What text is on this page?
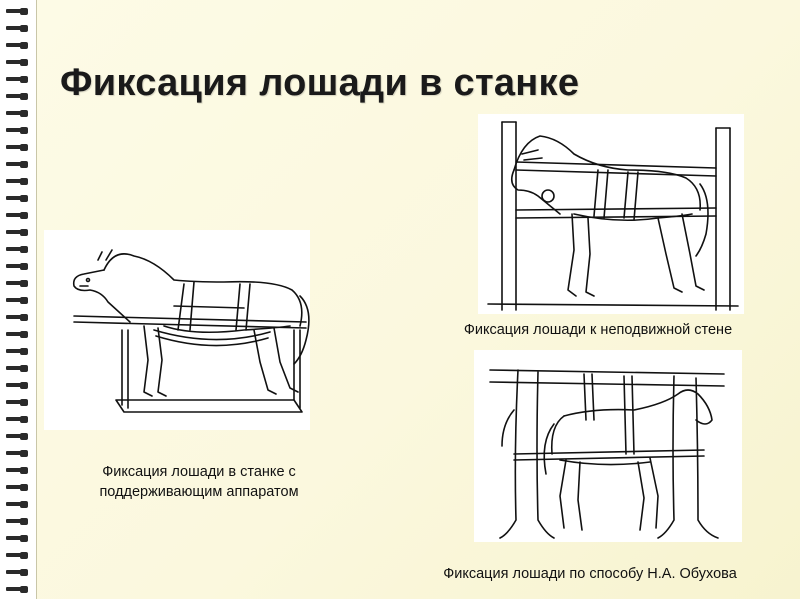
Фиксация лошади в станке
Фиксация лошади в станке с поддерживающим аппаратом
Фиксация лошади к неподвижной стене
Фиксация лошади по способу Н.А. Обухова
